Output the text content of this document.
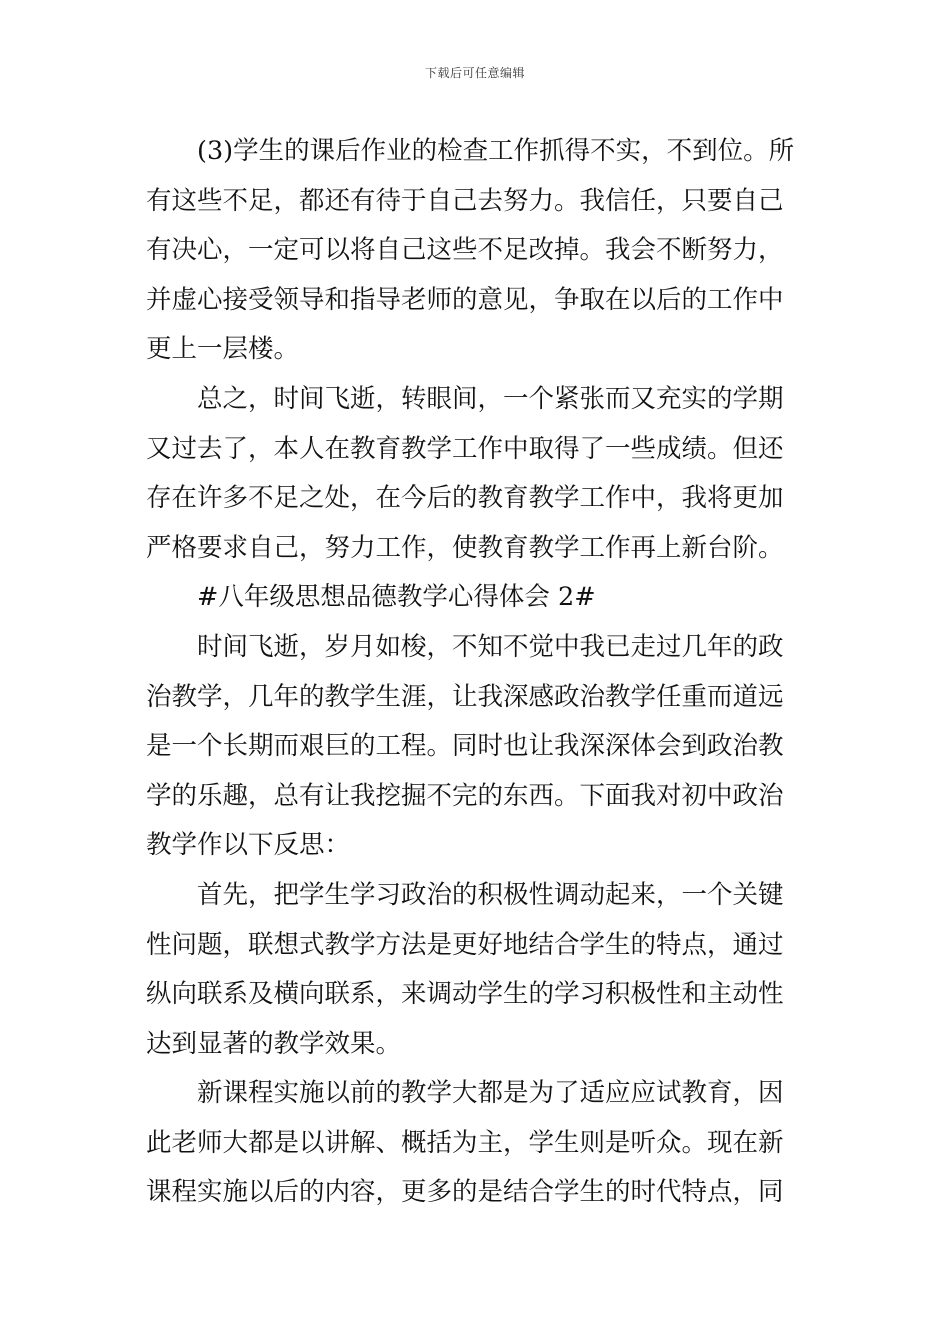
下载后可任意编辑

(3)学生的课后作业的检查工作抓得不实，不到位。所有这些不足，都还有待于自己去努力。我信任，只要自己有决心，一定可以将自己这些不足改掉。我会不断努力，并虚心接受领导和指导老师的意见，争取在以后的工作中更上一层楼。

总之，时间飞逝，转眼间，一个紧张而又充实的学期又过去了，本人在教育教学工作中取得了一些成绩。但还存在许多不足之处，在今后的教育教学工作中，我将更加严格要求自己，努力工作，使教育教学工作再上新台阶。

#八年级思想品德教学心得体会 2#

时间飞逝，岁月如梭，不知不觉中我已走过几年的政治教学，几年的教学生涯，让我深感政治教学任重而道远是一个长期而艰巨的工程。同时也让我深深体会到政治教学的乐趣，总有让我挖掘不完的东西。下面我对初中政治教学作以下反思：

首先，把学生学习政治的积极性调动起来，一个关键性问题，联想式教学方法是更好地结合学生的特点，通过纵向联系及横向联系，来调动学生的学习积极性和主动性达到显著的教学效果。

新课程实施以前的教学大都是为了适应应试教育，因此老师大都是以讲解、概括为主，学生则是听众。现在新课程实施以后的内容，更多的是结合学生的时代特点，同
